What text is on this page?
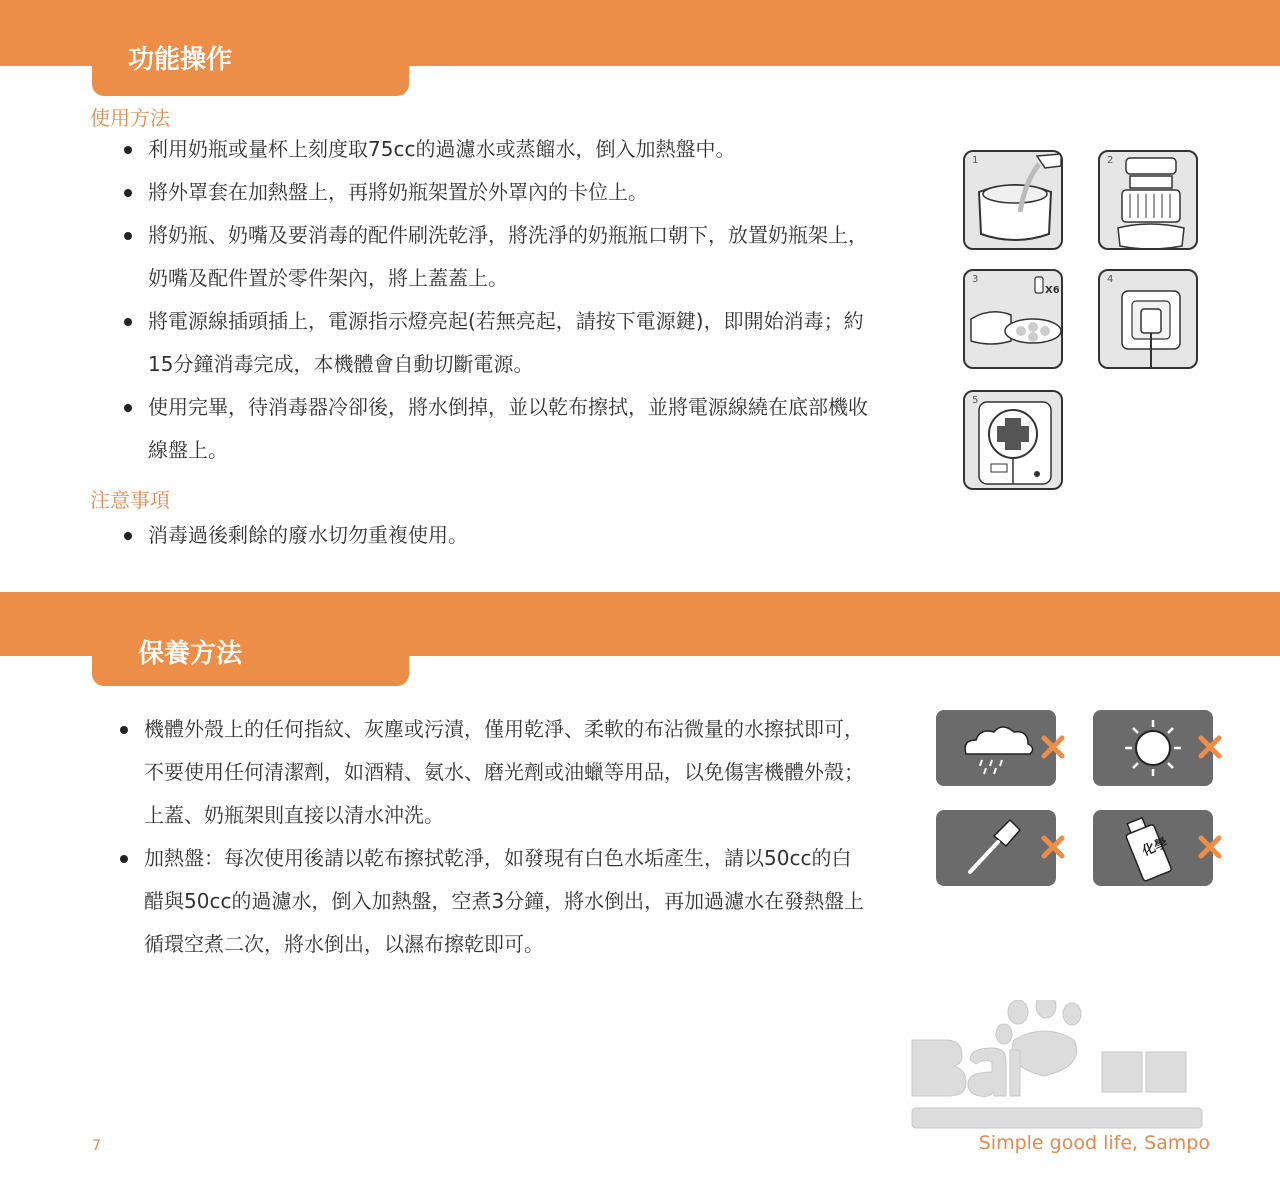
功能操作
使用方法
利用奶瓶或量杯上刻度取75cc的過濾水或蒸餾水，倒入加熱盤中。
將外罩套在加熱盤上，再將奶瓶架置於外罩內的卡位上。
將奶瓶、奶嘴及要消毒的配件刷洗乾淨，將洗淨的奶瓶瓶口朝下，放置奶瓶架上，奶嘴及配件置於零件架內，將上蓋蓋上。
將電源線插頭插上，電源指示燈亮起(若無亮起，請按下電源鍵)，即開始消毒；約15分鐘消毒完成，本機體會自動切斷電源。
使用完畢，待消毒器冷卻後，將水倒掉，並以乾布擦拭，並將電源線繞在底部機收線盤上。
注意事項
消毒過後剩餘的廢水切勿重複使用。
1	2
3
X6
4
5
保養方法
機體外殼上的任何指紋、灰塵或污漬，僅用乾淨、柔軟的布沾微量的水擦拭即可，不要使用任何清潔劑，如酒精、氨水、磨光劑或油蠟等用品，以免傷害機體外殼；上蓋、奶瓶架則直接以清水沖洗。
加熱盤：每次使用後請以乾布擦拭乾淨，如發現有白色水垢產生，請以50cc的白醋與50cc的過濾水，倒入加熱盤，空煮3分鐘，將水倒出，再加過濾水在發熱盤上循環空煮二次，將水倒出，以濕布擦乾即可。
化學
7	Simple good life, Sampo
